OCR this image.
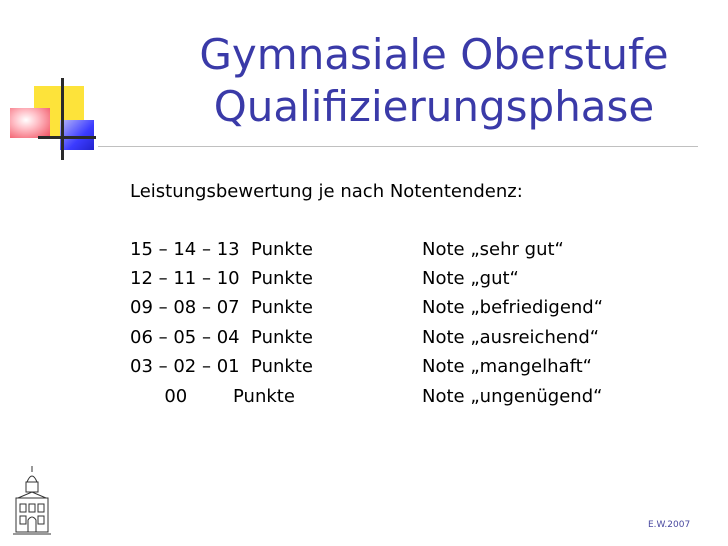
Gymnasiale Oberstufe
Qualifizierungsphase
Leistungsbewertung je nach Notentendenz:
15 – 14 – 13  Punkte	Note „sehr gut“
12 – 11 – 10  Punkte	Note „gut“
09 – 08 – 07  Punkte	Note „befriedigend“
06 – 05 – 04  Punkte	Note „ausreichend“
03 – 02 – 01  Punkte	Note „mangelhaft“
00        Punkte	Note „ungenügend“
E.W.2007
